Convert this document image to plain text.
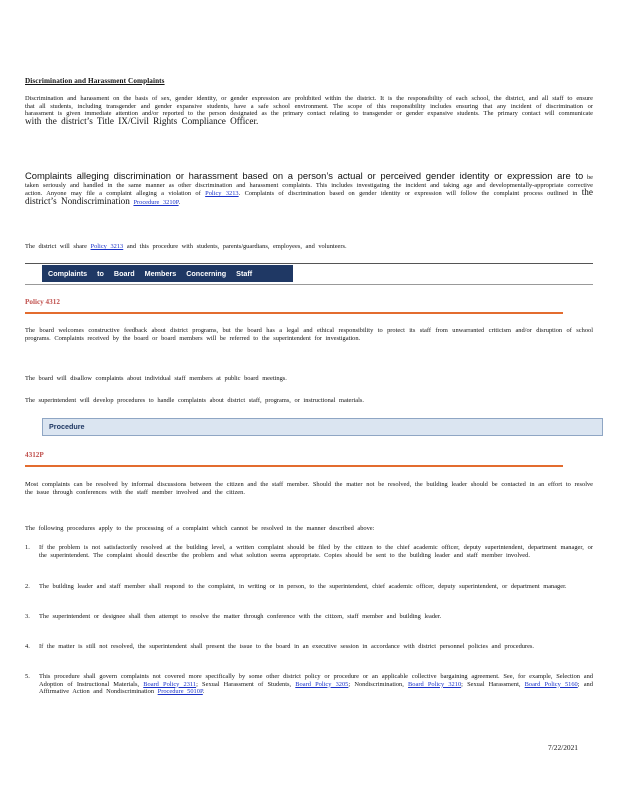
Discrimination and Harassment Complaints

Discrimination and harassment on the basis of sex, gender identity, or gender expression are prohibited within the district. It is the responsibility of each school, the district, and all staff to ensure that all students, including transgender and gender expansive students, have a safe school environment. The scope of this responsibility includes ensuring that any incident of discrimination or harassment is given immediate attention and/or reported to the person designated as the primary contact relating to transgender or gender expansive students. The primary contact will communicate with the district’s Title IX/Civil Rights Compliance Officer.

Complaints alleging discrimination or harassment based on a person’s actual or perceived gender identity or expression are to be taken seriously and handled in the same manner as other discrimination and harassment complaints. This includes investigating the incident and taking age and developmentally-appropriate corrective action. Anyone may file a complaint alleging a violation of Policy 3213. Complaints of discrimination based on gender identity or expression will follow the complaint process outlined in the district’s Nondiscrimination Procedure 3210P.

The district will share Policy 3213 and this procedure with students, parents/guardians, employees, and volunteers.

Complaints to Board Members Concerning Staff
Policy 4312

The board welcomes constructive feedback about district programs, but the board has a legal and ethical responsibility to protect its staff from unwarranted criticism and/or disruption of school programs. Complaints received by the board or board members will be referred to the superintendent for investigation.

The board will disallow complaints about individual staff members at public board meetings.

The superintendent will develop procedures to handle complaints about district staff, programs, or instructional materials.

Procedure
4312P

Most complaints can be resolved by informal discussions between the citizen and the staff member. Should the matter not be resolved, the building leader should be contacted in an effort to resolve the issue through conferences with the staff member involved and the citizen.

The following procedures apply to the processing of a complaint which cannot be resolved in the manner described above:

1. If the problem is not satisfactorily resolved at the building level, a written complaint should be filed by the citizen to the chief academic officer, deputy superintendent, department manager, or the superintendent. The complaint should describe the problem and what solution seems appropriate. Copies should be sent to the building leader and staff member involved.
2. The building leader and staff member shall respond to the complaint, in writing or in person, to the superintendent, chief academic officer, deputy superintendent, or department manager.
3. The superintendent or designee shall then attempt to resolve the matter through conference with the citizen, staff member and building leader.
4. If the matter is still not resolved, the superintendent shall present the issue to the board in an executive session in accordance with district personnel policies and procedures.
5. This procedure shall govern complaints not covered more specifically by some other district policy or procedure or an applicable collective bargaining agreement. See, for example, Selection and Adoption of Instructional Materials, Board Policy 2311; Sexual Harassment of Students, Board Policy 3205; Nondiscrimination, Board Policy 3210; Sexual Harassment, Board Policy 5160; and Affirmative Action and Nondiscrimination Procedure 5010P.
7/22/2021
